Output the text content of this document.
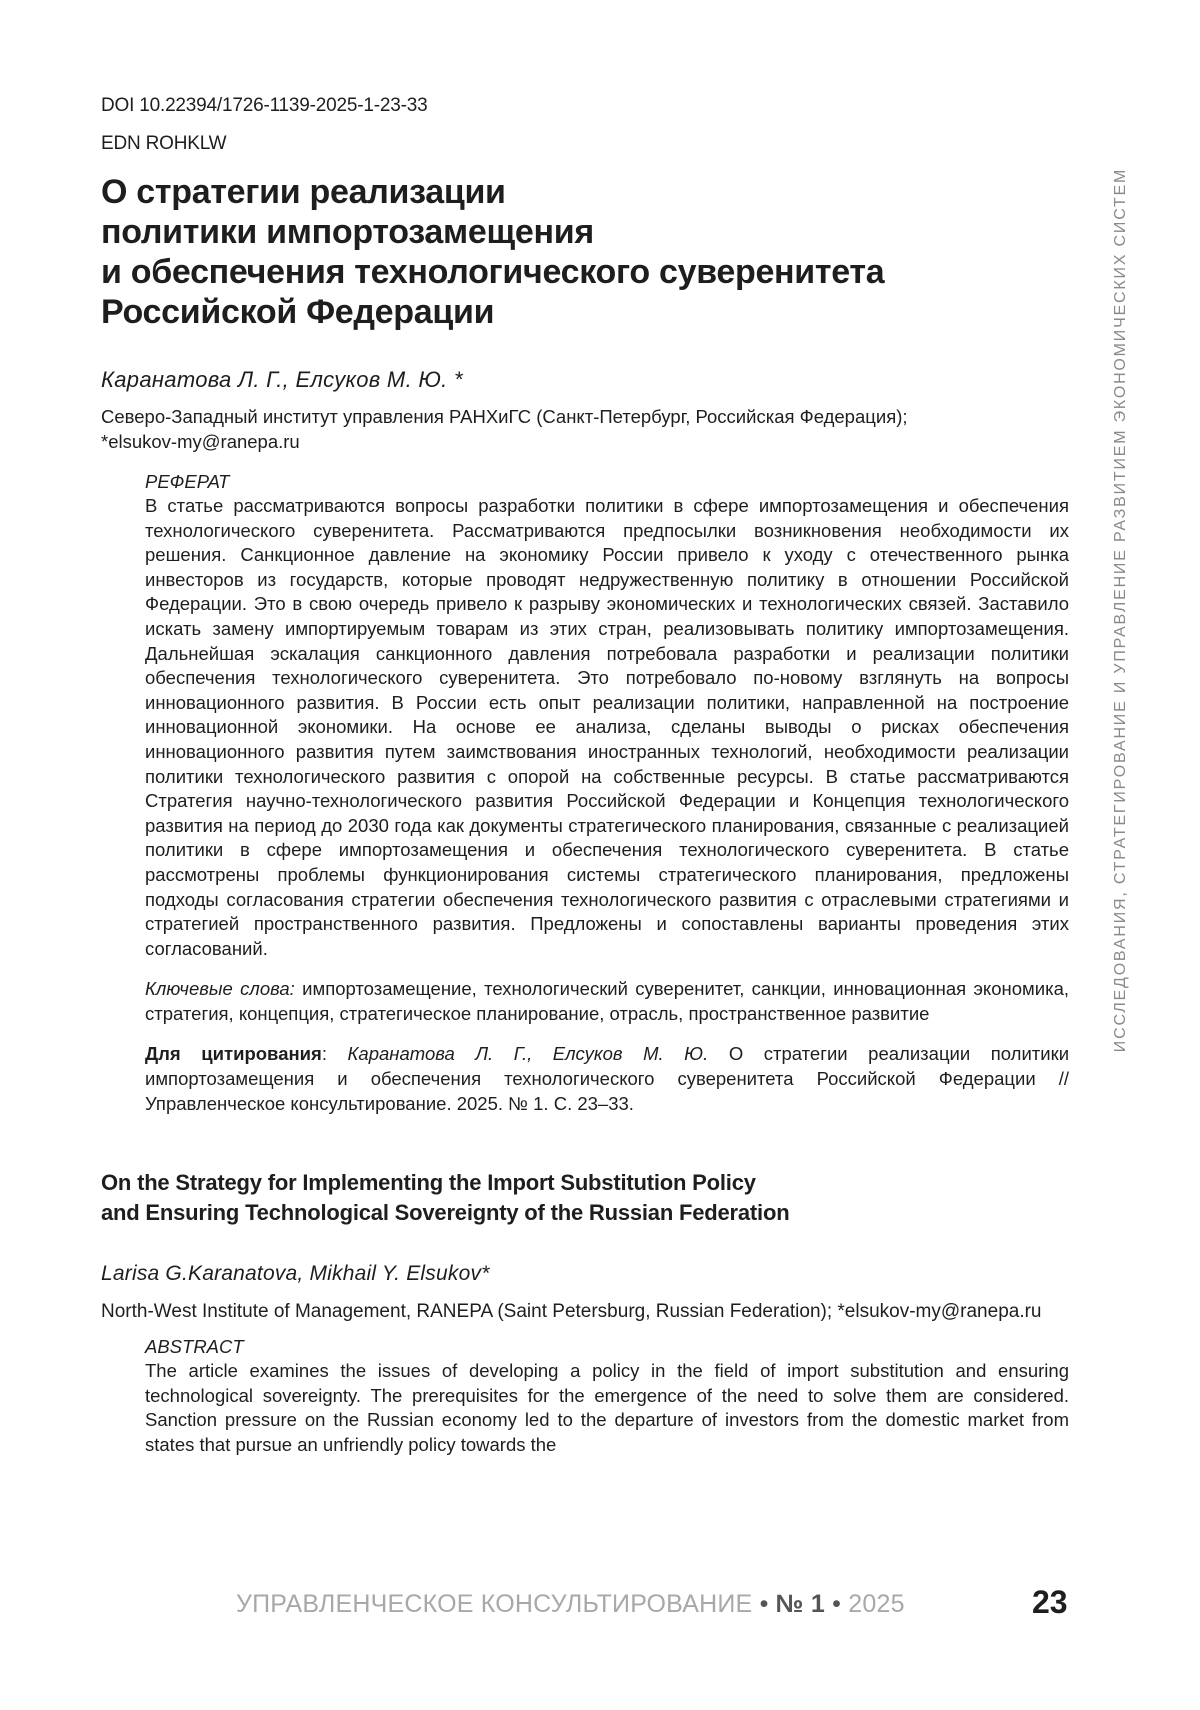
DOI 10.22394/1726-1139-2025-1-23-33

EDN ROHKLW

О стратегии реализации
политики импортозамещения
и обеспечения технологического суверенитета
Российской Федерации

Каранатова Л. Г., Елсуков М. Ю. *

Северо-Западный институт управления РАНХиГС (Санкт-Петербург, Российская Федерация);
*elsukov-my@ranepa.ru

РЕФЕРАТ

В статье рассматриваются вопросы разработки политики в сфере импортозамещения и обеспечения технологического суверенитета. Рассматриваются предпосылки возникновения необходимости их решения. Санкционное давление на экономику России привело к уходу с отечественного рынка инвесторов из государств, которые проводят недружественную политику в отношении Российской Федерации. Это в свою очередь привело к разрыву экономических и технологических связей. Заставило искать замену импортируемым товарам из этих стран, реализовывать политику импортозамещения. Дальнейшая эскалация санкционного давления потребовала разработки и реализации политики обеспечения технологического суверенитета. Это потребовало по-новому взглянуть на вопросы инновационного развития. В России есть опыт реализации политики, направленной на построение инновационной экономики. На основе ее анализа, сделаны выводы о рисках обеспечения инновационного развития путем заимствования иностранных технологий, необходимости реализации политики технологического развития с опорой на собственные ресурсы. В статье рассматриваются Стратегия научно-технологического развития Российской Федерации и Концепция технологического развития на период до 2030 года как документы стратегического планирования, связанные с реализацией политики в сфере импортозамещения и обеспечения технологического суверенитета. В статье рассмотрены проблемы функционирования системы стратегического планирования, предложены подходы согласования стратегии обеспечения технологического развития с отраслевыми стратегиями и стратегией пространственного развития. Предложены и сопоставлены варианты проведения этих согласований.

Ключевые слова: импортозамещение, технологический суверенитет, санкции, инновационная экономика, стратегия, концепция, стратегическое планирование, отрасль, пространственное развитие

Для цитирования: Каранатова Л. Г., Елсуков М. Ю. О стратегии реализации политики импортозамещения и обеспечения технологического суверенитета Российской Федерации // Управленческое консультирование. 2025. № 1. С. 23–33.

On the Strategy for Implementing the Import Substitution Policy
and Ensuring Technological Sovereignty of the Russian Federation

Larisa G.Karanatova, Mikhail Y. Elsukov*

North-West Institute of Management, RANEPA (Saint Petersburg, Russian Federation); *elsukov-my@ranepa.ru

ABSTRACT

The article examines the issues of developing a policy in the field of import substitution and ensuring technological sovereignty. The prerequisites for the emergence of the need to solve them are considered. Sanction pressure on the Russian economy led to the departure of investors from the domestic market from states that pursue an unfriendly policy towards the

ИССЛЕДОВАНИЯ, СТРАТЕГИРОВАНИЕ И УПРАВЛЕНИЕ РАЗВИТИЕМ ЭКОНОМИЧЕСКИХ СИСТЕМ
УПРАВЛЕНЧЕСКОЕ КОНСУЛЬТИРОВАНИЕ • № 1 • 2025	23
